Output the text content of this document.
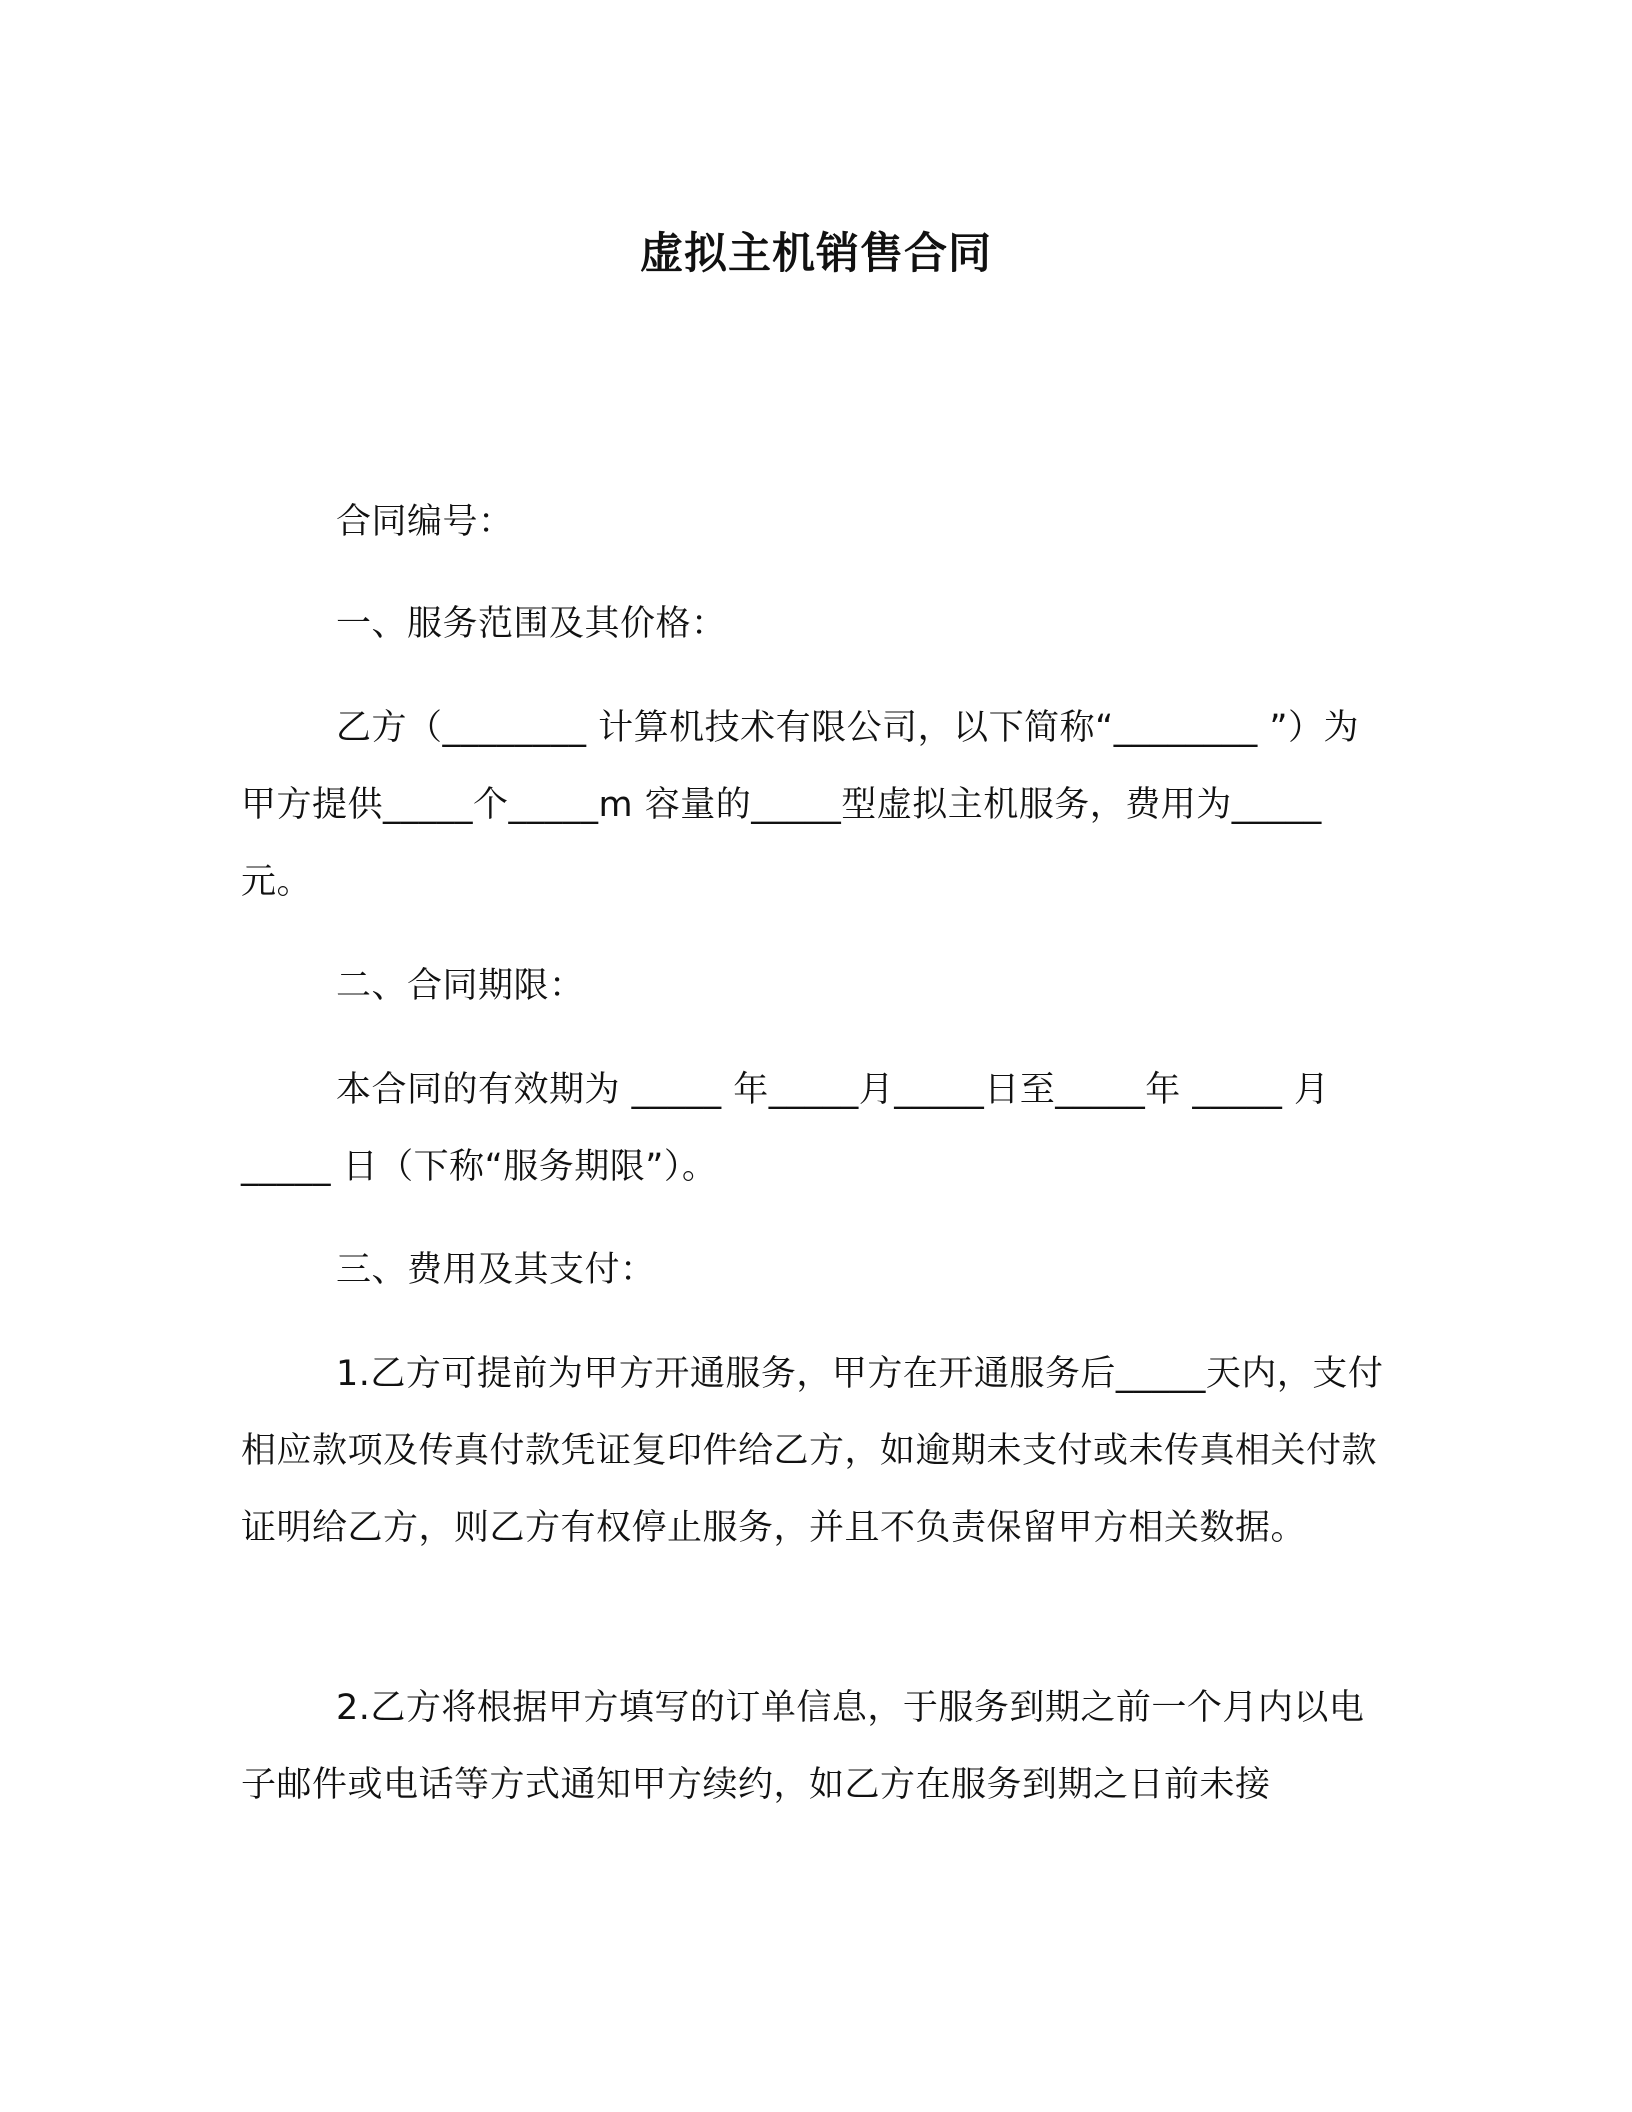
虚拟主机销售合同

合同编号：

一、服务范围及其价格：

乙方（________ 计算机技术有限公司，以下简称“________ ”）为甲方提供_____个_____m 容量的_____型虚拟主机服务，费用为_____元。

二、合同期限：

本合同的有效期为 _____ 年_____月_____日至_____年 _____ 月_____ 日（下称“服务期限”）。

三、费用及其支付：

1.乙方可提前为甲方开通服务，甲方在开通服务后_____天内，支付相应款项及传真付款凭证复印件给乙方，如逾期未支付或未传真相关付款证明给乙方，则乙方有权停止服务，并且不负责保留甲方相关数据。

2.乙方将根据甲方填写的订单信息，于服务到期之前一个月内以电子邮件或电话等方式通知甲方续约，如乙方在服务到期之日前未接
